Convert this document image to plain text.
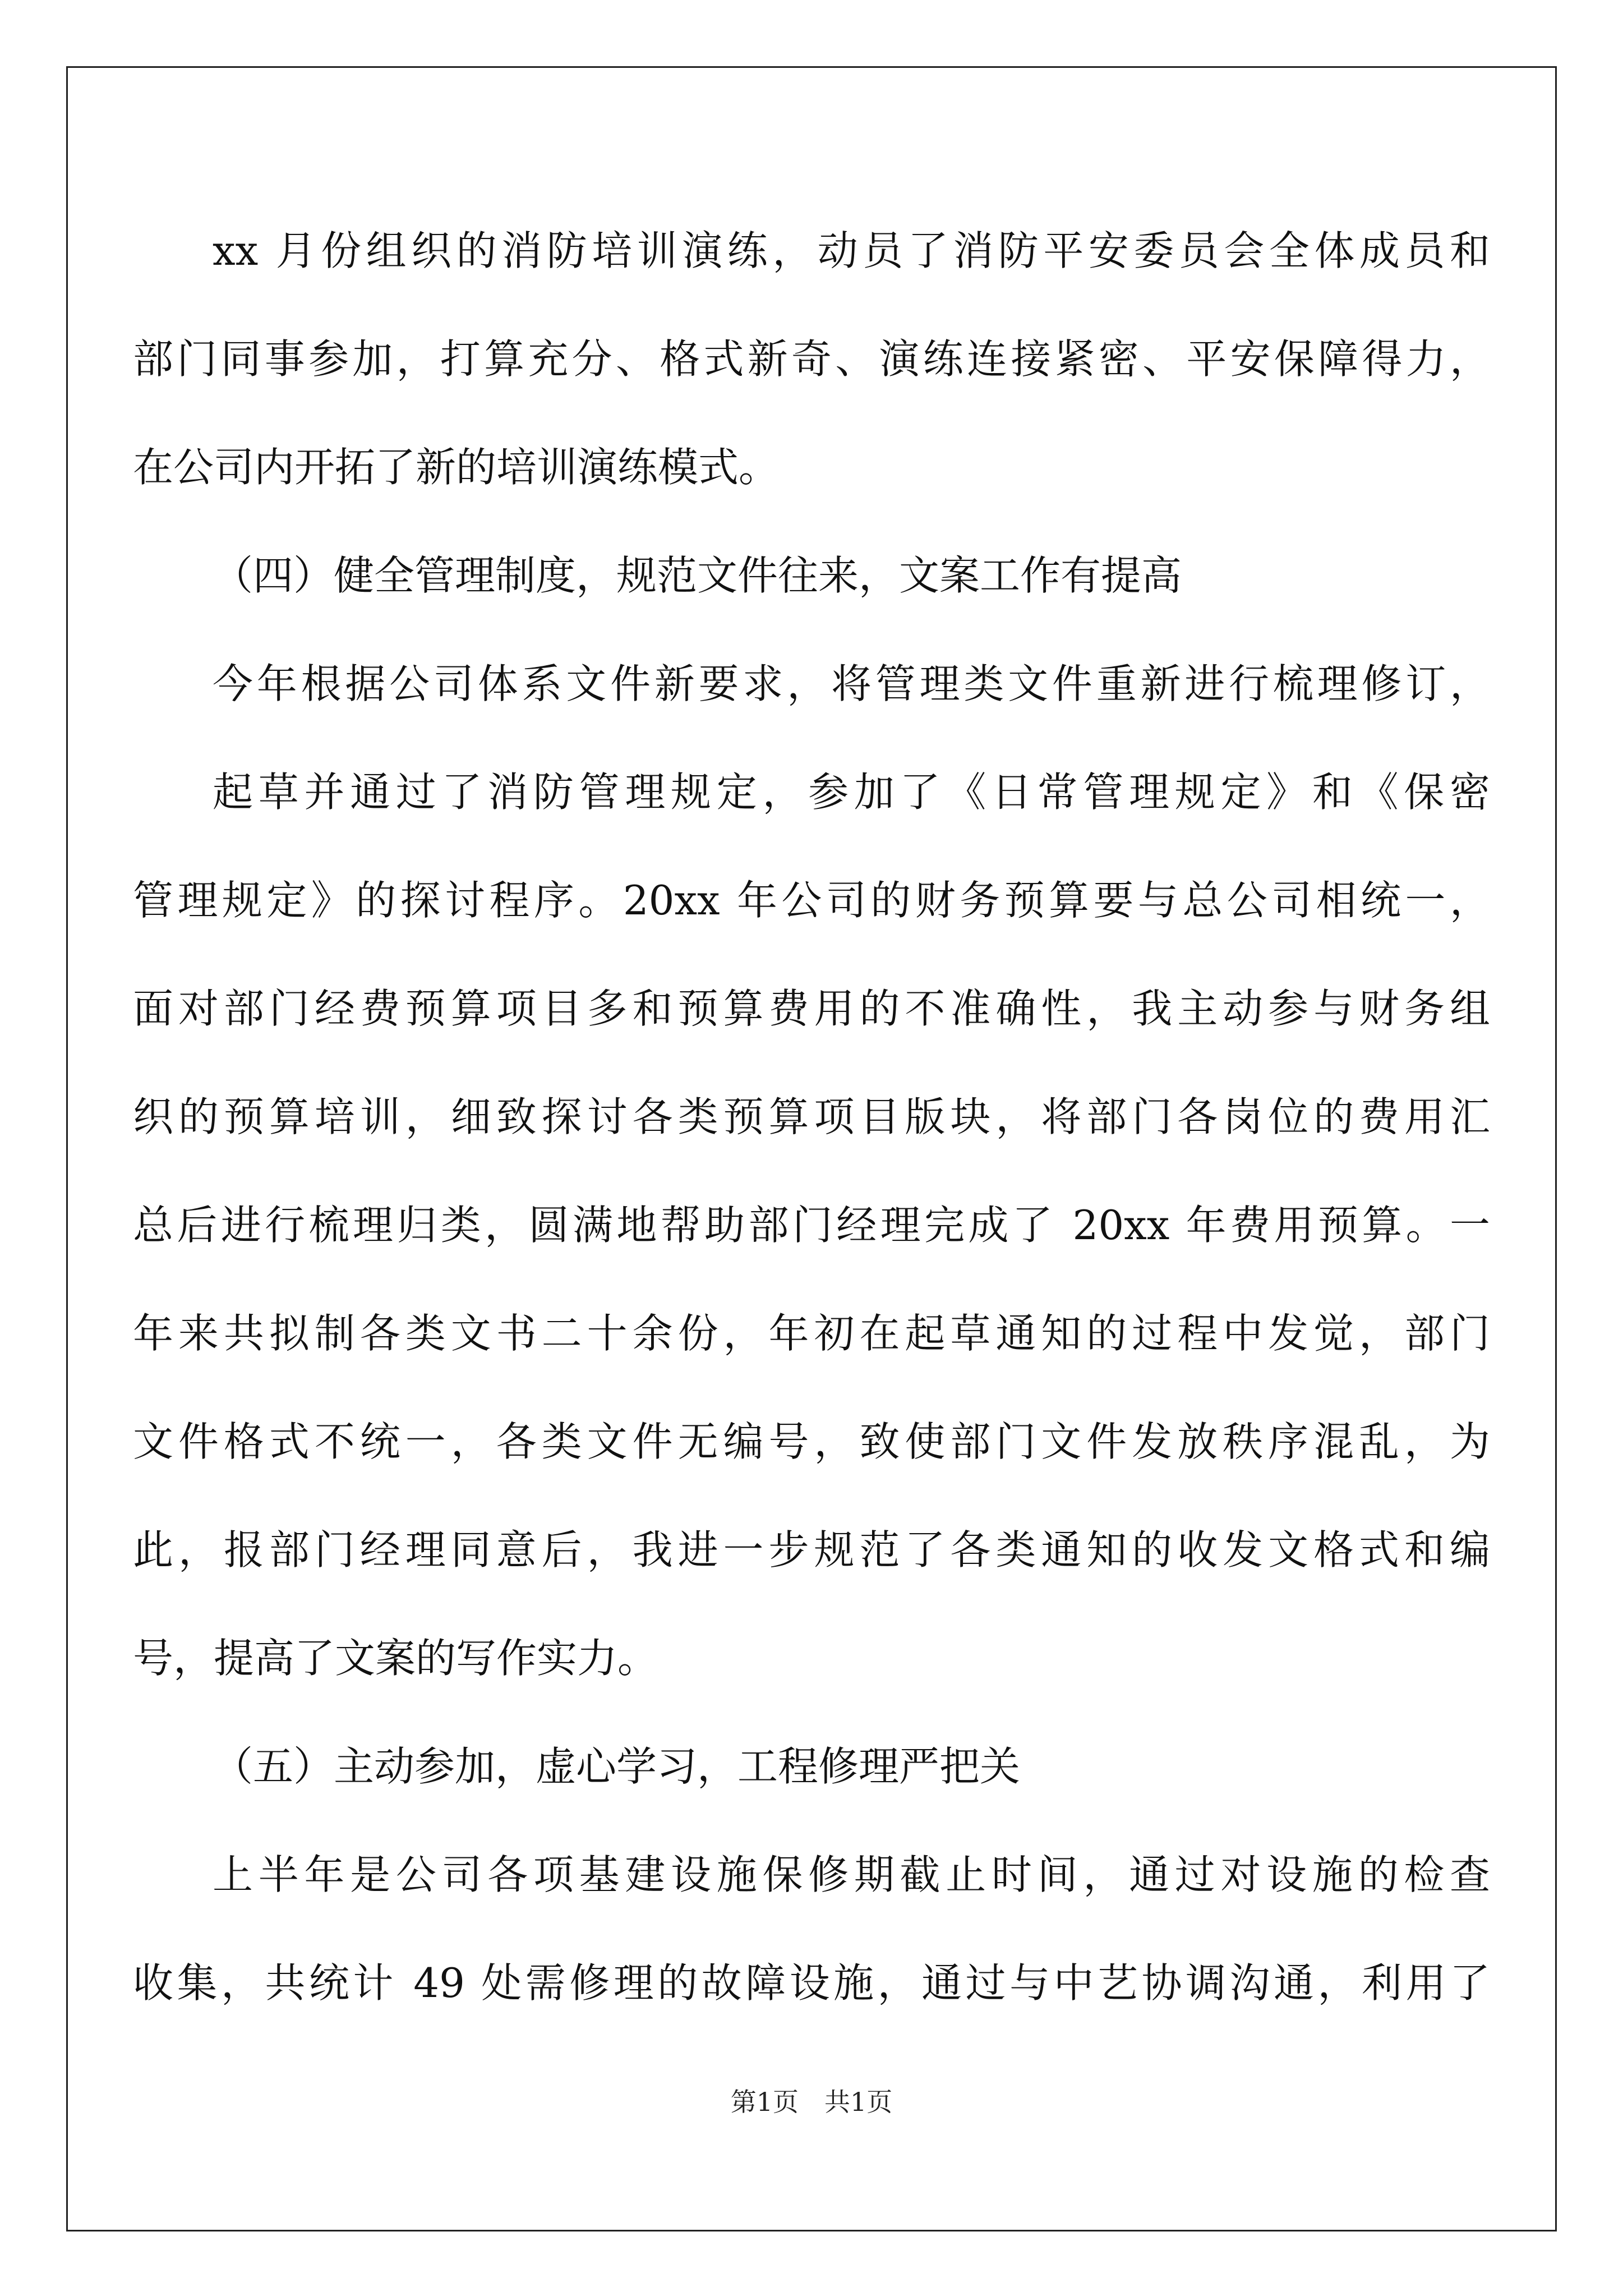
xx 月份组织的消防培训演练，动员了消防平安委员会全体成员和
部门同事参加，打算充分、格式新奇、演练连接紧密、平安保障得力，
在公司内开拓了新的培训演练模式。
（四）健全管理制度，规范文件往来，文案工作有提高
今年根据公司体系文件新要求，将管理类文件重新进行梳理修订，
起草并通过了消防管理规定，参加了《日常管理规定》和《保密
管理规定》的探讨程序。20xx 年公司的财务预算要与总公司相统一，
面对部门经费预算项目多和预算费用的不准确性，我主动参与财务组
织的预算培训，细致探讨各类预算项目版块，将部门各岗位的费用汇
总后进行梳理归类，圆满地帮助部门经理完成了 20xx 年费用预算。一
年来共拟制各类文书二十余份，年初在起草通知的过程中发觉，部门
文件格式不统一，各类文件无编号，致使部门文件发放秩序混乱，为
此，报部门经理同意后，我进一步规范了各类通知的收发文格式和编
号，提高了文案的写作实力。
（五）主动参加，虚心学习，工程修理严把关
上半年是公司各项基建设施保修期截止时间，通过对设施的检查
收集，共统计 49 处需修理的故障设施，通过与中艺协调沟通，利用了
第1页　共1页
